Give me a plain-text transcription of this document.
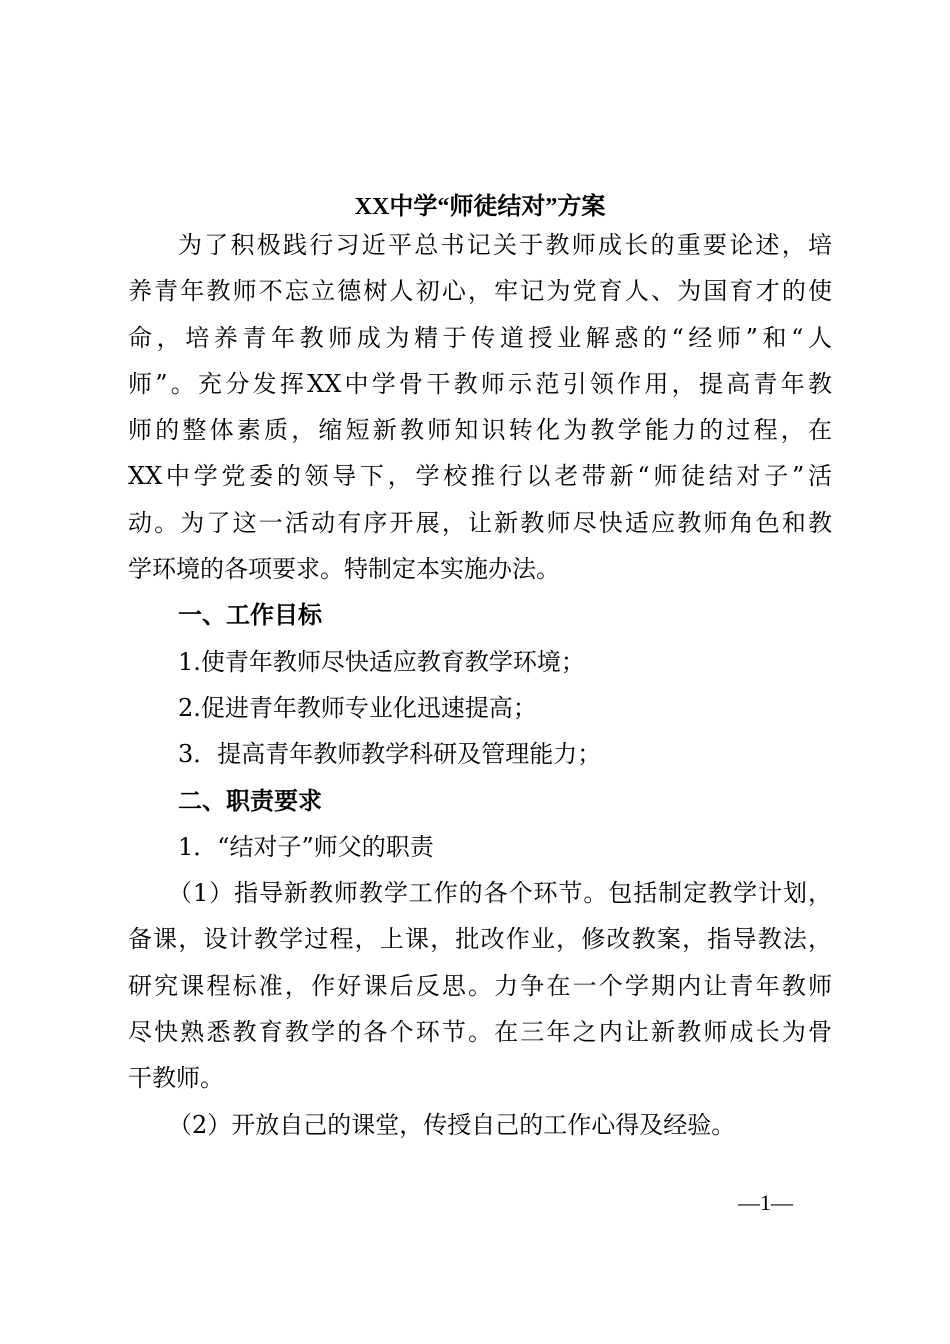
XX中学“师徒结对”方案
为了积极践行习近平总书记关于教师成长的重要论述，培
养青年教师不忘立德树人初心，牢记为党育人、为国育才的使
命，培养青年教师成为精于传道授业解惑的“经师”和“人
师”。充分发挥XX中学骨干教师示范引领作用，提高青年教
师的整体素质，缩短新教师知识转化为教学能力的过程，在
XX中学党委的领导下，学校推行以老带新“师徒结对子”活
动。为了这一活动有序开展，让新教师尽快适应教师角色和教
学环境的各项要求。特制定本实施办法。
一、工作目标
1.使青年教师尽快适应教育教学环境；
2.促进青年教师专业化迅速提高；
3．提高青年教师教学科研及管理能力；
二、职责要求
1．“结对子”师父的职责
（1）指导新教师教学工作的各个环节。包括制定教学计划，
备课，设计教学过程，上课，批改作业，修改教案，指导教法，
研究课程标准，作好课后反思。力争在一个学期内让青年教师
尽快熟悉教育教学的各个环节。在三年之内让新教师成长为骨
干教师。
（2）开放自己的课堂，传授自己的工作心得及经验。
—1—
